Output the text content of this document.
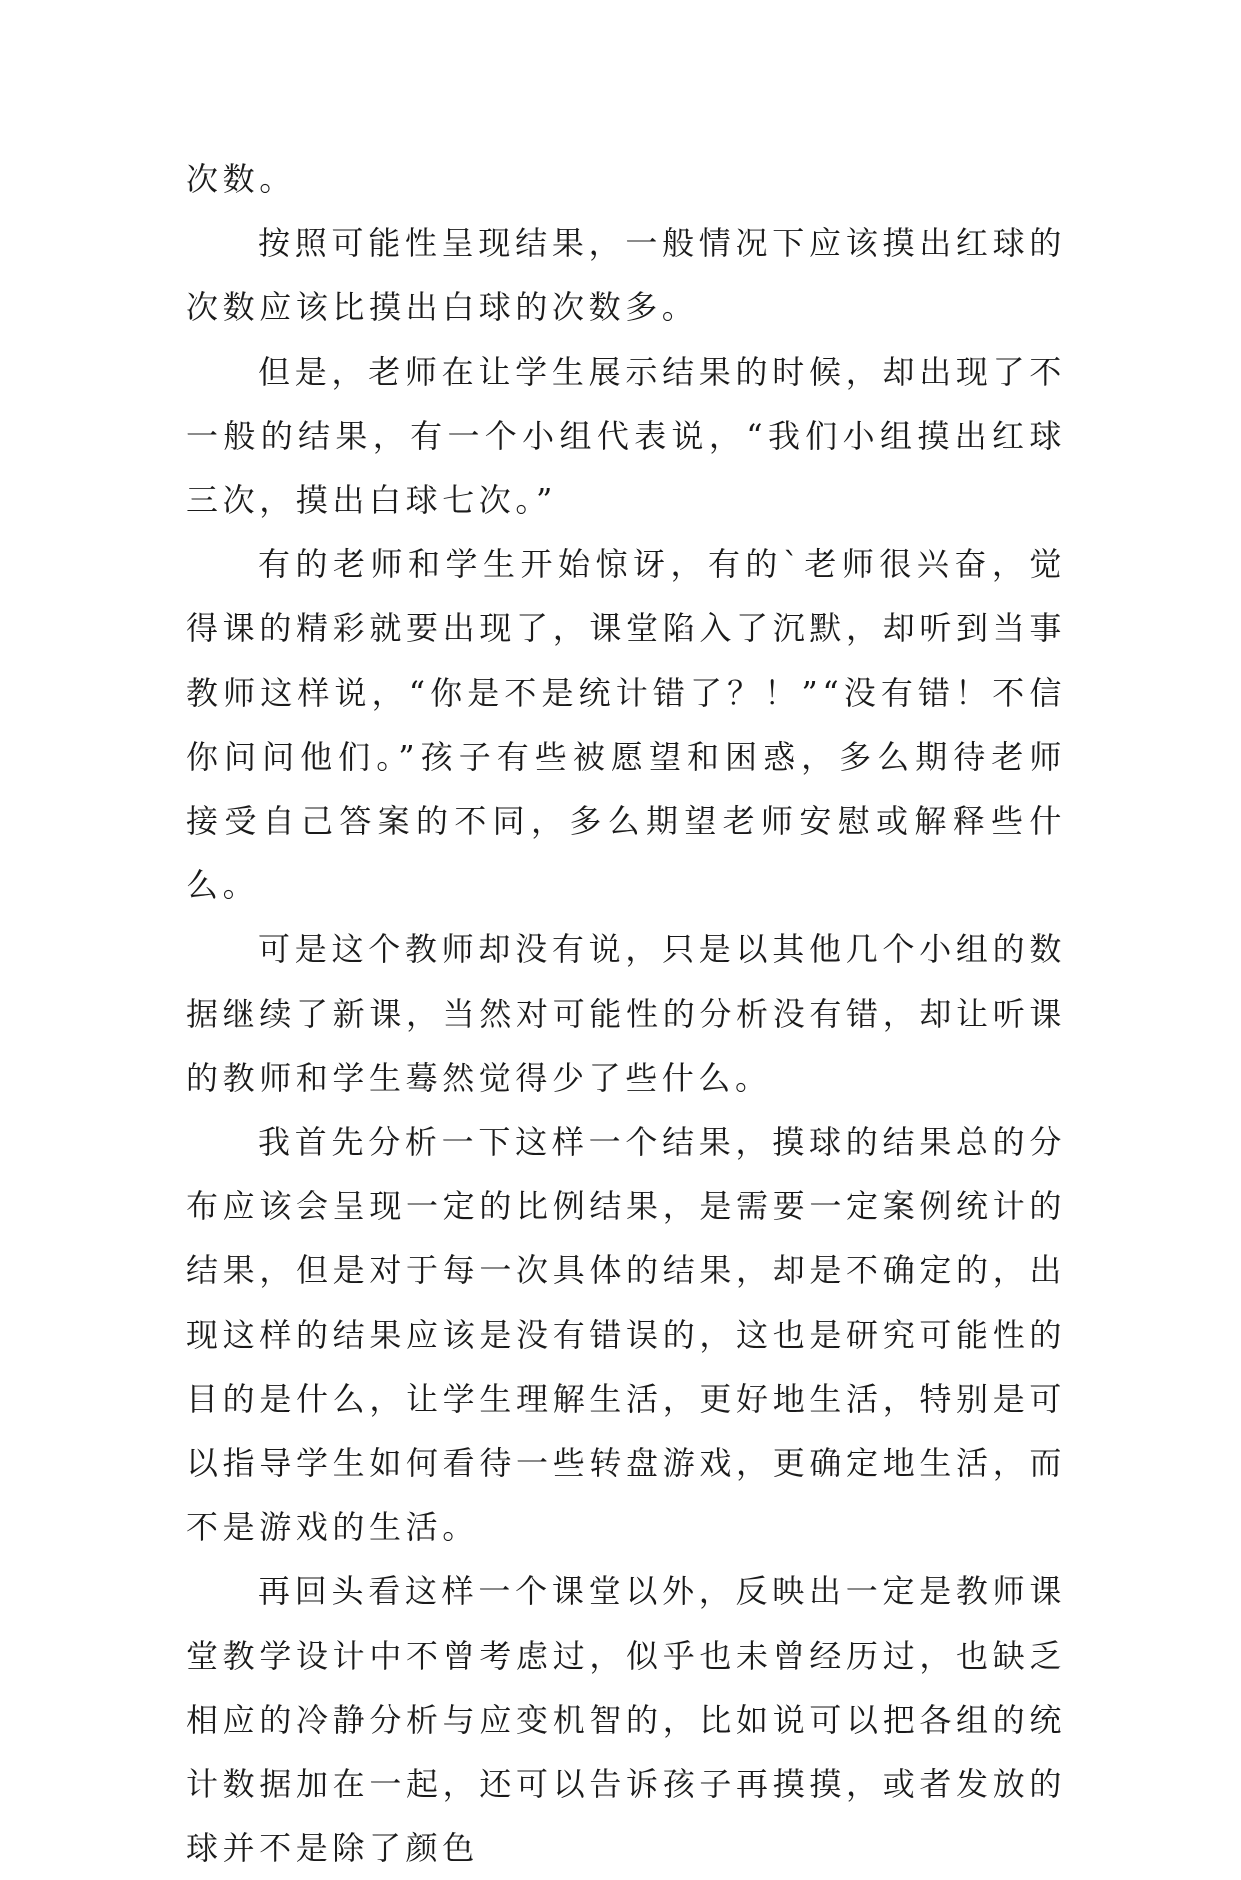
次数。

按照可能性呈现结果，一般情况下应该摸出红球的次数应该比摸出白球的次数多。

但是，老师在让学生展示结果的时候，却出现了不一般的结果，有一个小组代表说，“我们小组摸出红球三次，摸出白球七次。”

有的老师和学生开始惊讶，有的`老师很兴奋，觉得课的精彩就要出现了，课堂陷入了沉默，却听到当事教师这样说，“你是不是统计错了？！”“没有错！不信你问问他们。”孩子有些被愿望和困惑，多么期待老师接受自己答案的不同，多么期望老师安慰或解释些什么。

可是这个教师却没有说，只是以其他几个小组的数据继续了新课，当然对可能性的分析没有错，却让听课的教师和学生蓦然觉得少了些什么。

我首先分析一下这样一个结果，摸球的结果总的分布应该会呈现一定的比例结果，是需要一定案例统计的结果，但是对于每一次具体的结果，却是不确定的，出现这样的结果应该是没有错误的，这也是研究可能性的目的是什么，让学生理解生活，更好地生活，特别是可以指导学生如何看待一些转盘游戏，更确定地生活，而不是游戏的生活。

再回头看这样一个课堂以外，反映出一定是教师课堂教学设计中不曾考虑过，似乎也未曾经历过，也缺乏相应的冷静分析与应变机智的，比如说可以把各组的统计数据加在一起，还可以告诉孩子再摸摸，或者发放的球并不是除了颜色
